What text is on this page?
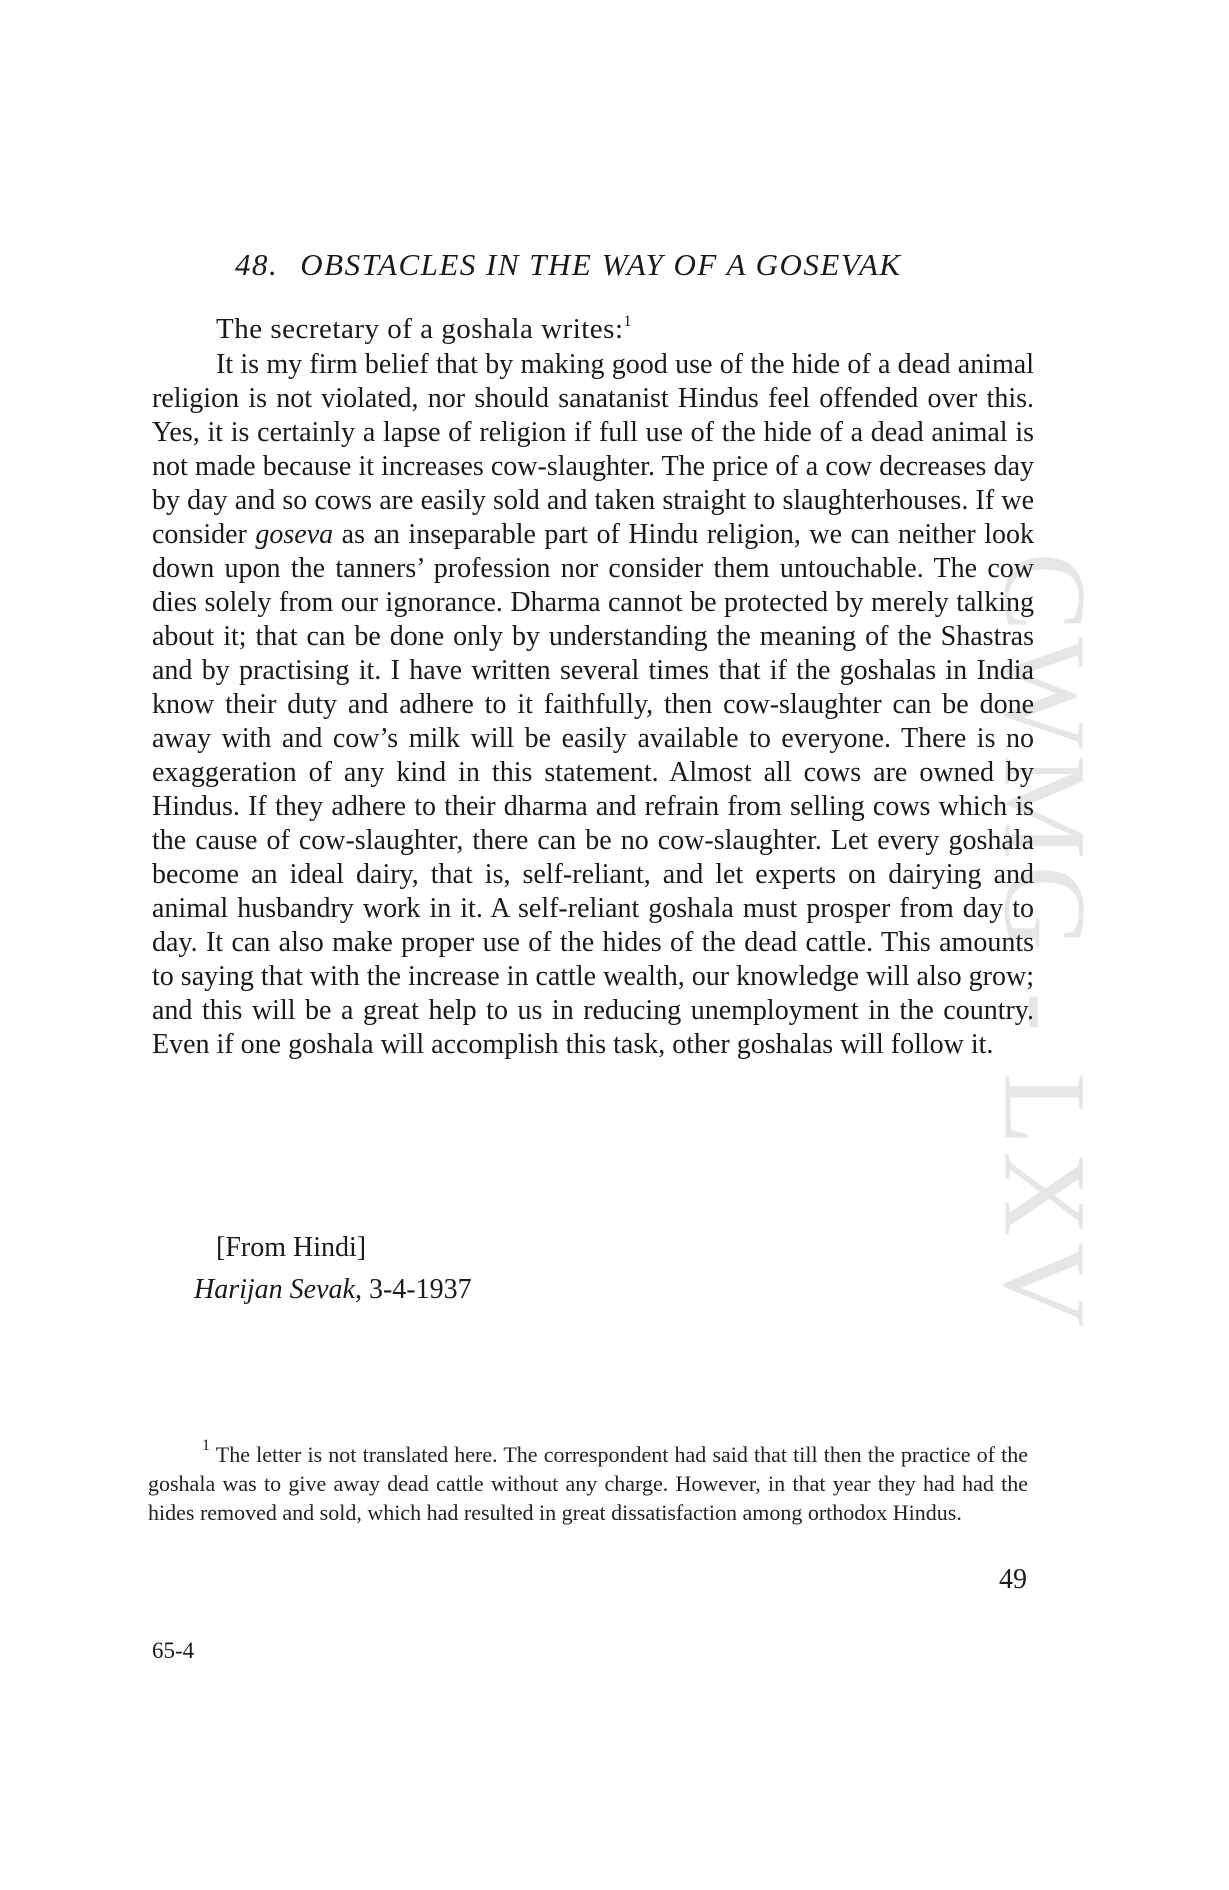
CWMG - LXV
48. OBSTACLES IN THE WAY OF A GOSEVAK
The secretary of a goshala writes:$^1$

It is my firm belief that by making good use of the hide of a dead animal religion is not violated, nor should sanatanist Hindus feel offended over this. Yes, it is certainly a lapse of religion if full use of the hide of a dead animal is not made because it increases cow-slaughter. The price of a cow decreases day by day and so cows are easily sold and taken straight to slaughterhouses. If we consider goseva as an inseparable part of Hindu religion, we can neither look down upon the tanners’ profession nor consider them untouchable. The cow dies solely from our ignorance. Dharma cannot be protected by merely talking about it; that can be done only by understanding the meaning of the Shastras and by practising it. I have written several times that if the goshalas in India know their duty and adhere to it faithfully, then cow-slaughter can be done away with and cow’s milk will be easily available to everyone. There is no exaggeration of any kind in this statement. Almost all cows are owned by Hindus. If they adhere to their dharma and refrain from selling cows which is the cause of cow-slaughter, there can be no cow-slaughter. Let every goshala become an ideal dairy, that is, self-reliant, and let experts on dairying and animal husbandry work in it. A self-reliant goshala must prosper from day to day. It can also make proper use of the hides of the dead cattle. This amounts to saying that with the increase in cattle wealth, our knowledge will also grow; and this will be a great help to us in reducing unemployment in the country. Even if one goshala will accomplish this task, other goshalas will follow it.

[From Hindi]
Harijan Sevak, 3-4-1937

$^1$ The letter is not translated here. The correspondent had said that till then the practice of the goshala was to give away dead cattle without any charge. However, in that year they had had the hides removed and sold, which had resulted in great dissatisfaction among orthodox Hindus.

49
65-4
